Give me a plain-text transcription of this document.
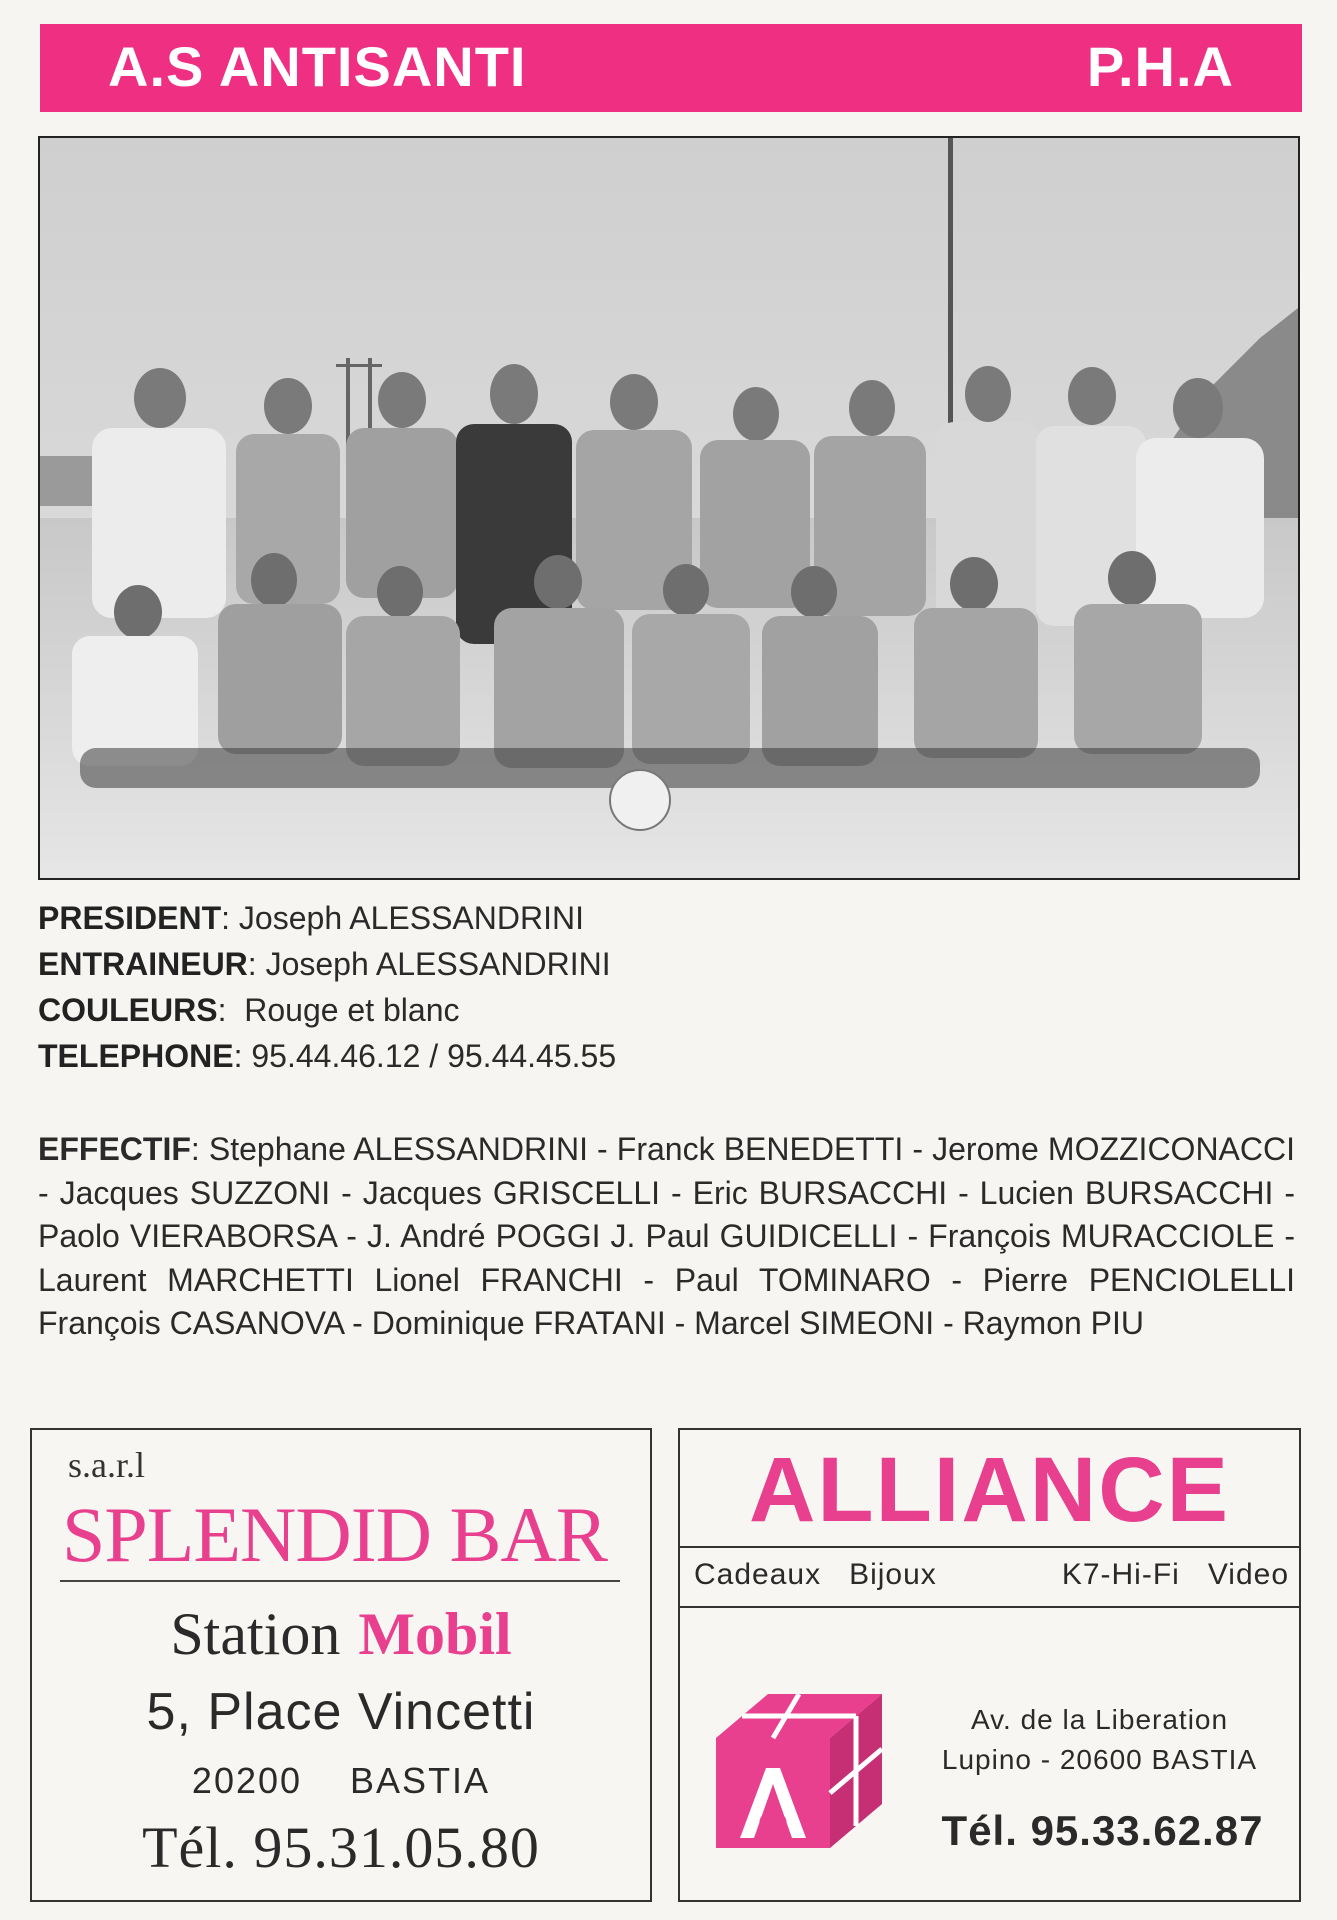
A.S ANTISANTI	P.H.A
PRESIDENT: Joseph ALESSANDRINI
ENTRAINEUR: Joseph ALESSANDRINI
COULEURS:  Rouge et blanc
TELEPHONE: 95.44.46.12 / 95.44.45.55
EFFECTIF: Stephane ALESSANDRINI - Franck BENEDETTI - Jerome MOZZICONACCI - Jacques SUZZONI - Jacques GRISCELLI - Eric BURSACCHI - Lucien BURSACCHI -Paolo VIERABORSA - J. André POGGI J. Paul GUIDICELLI - François MURACCIOLE - Laurent MARCHETTI Lionel FRANCHI - Paul TOMINARO - Pierre PENCIOLELLI François CASANOVA - Dominique FRATANI - Marcel SIMEONI - Raymon PIU
s.a.r.l
SPLENDID BAR
Station Mobil
5, Place Vincetti
20200 BASTIA
Tél. 95.31.05.80
ALLIANCE
Cadeaux Bijoux	K7-Hi-Fi Video
Av. de la Liberation
Lupino - 20600 BASTIA
Tél. 95.33.62.87
